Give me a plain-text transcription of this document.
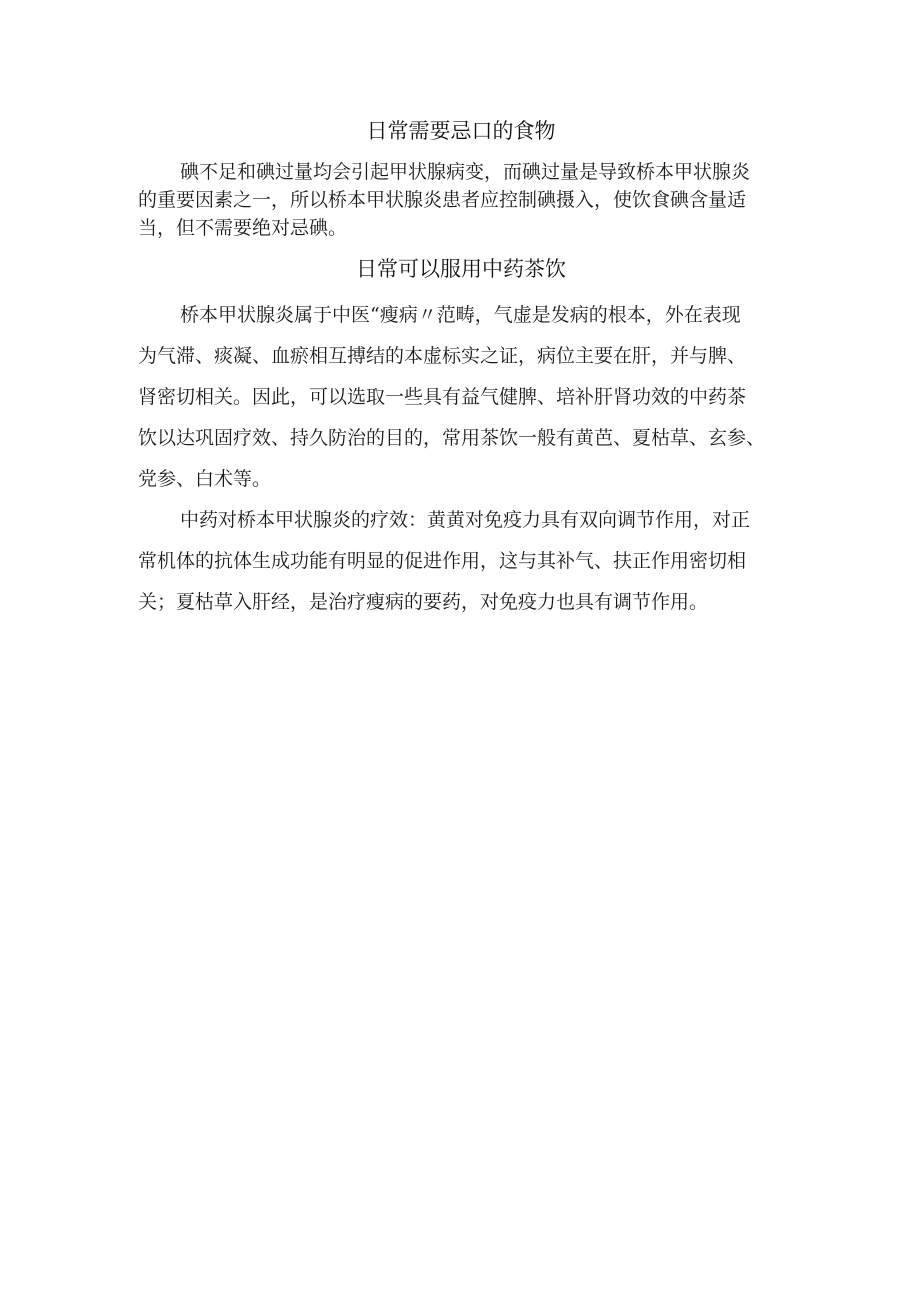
日常需要忌口的食物
碘不足和碘过量均会引起甲状腺病变，而碘过量是导致桥本甲状腺炎
的重要因素之一，所以桥本甲状腺炎患者应控制碘摄入，使饮食碘含量适
当，但不需要绝对忌碘。
日常可以服用中药茶饮
桥本甲状腺炎属于中医“瘦病〃范畴，气虚是发病的根本，外在表现
为气滞、痰凝、血瘀相互搏结的本虚标实之证，病位主要在肝，并与脾、
肾密切相关。因此，可以选取一些具有益气健脾、培补肝肾功效的中药茶
饮以达巩固疗效、持久防治的目的，常用茶饮一般有黄芭、夏枯草、玄参、
党参、白术等。
中药对桥本甲状腺炎的疗效：黄黄对免疫力具有双向调节作用，对正
常机体的抗体生成功能有明显的促进作用，这与其补气、扶正作用密切相
关；夏枯草入肝经，是治疗瘦病的要药，对免疫力也具有调节作用。
